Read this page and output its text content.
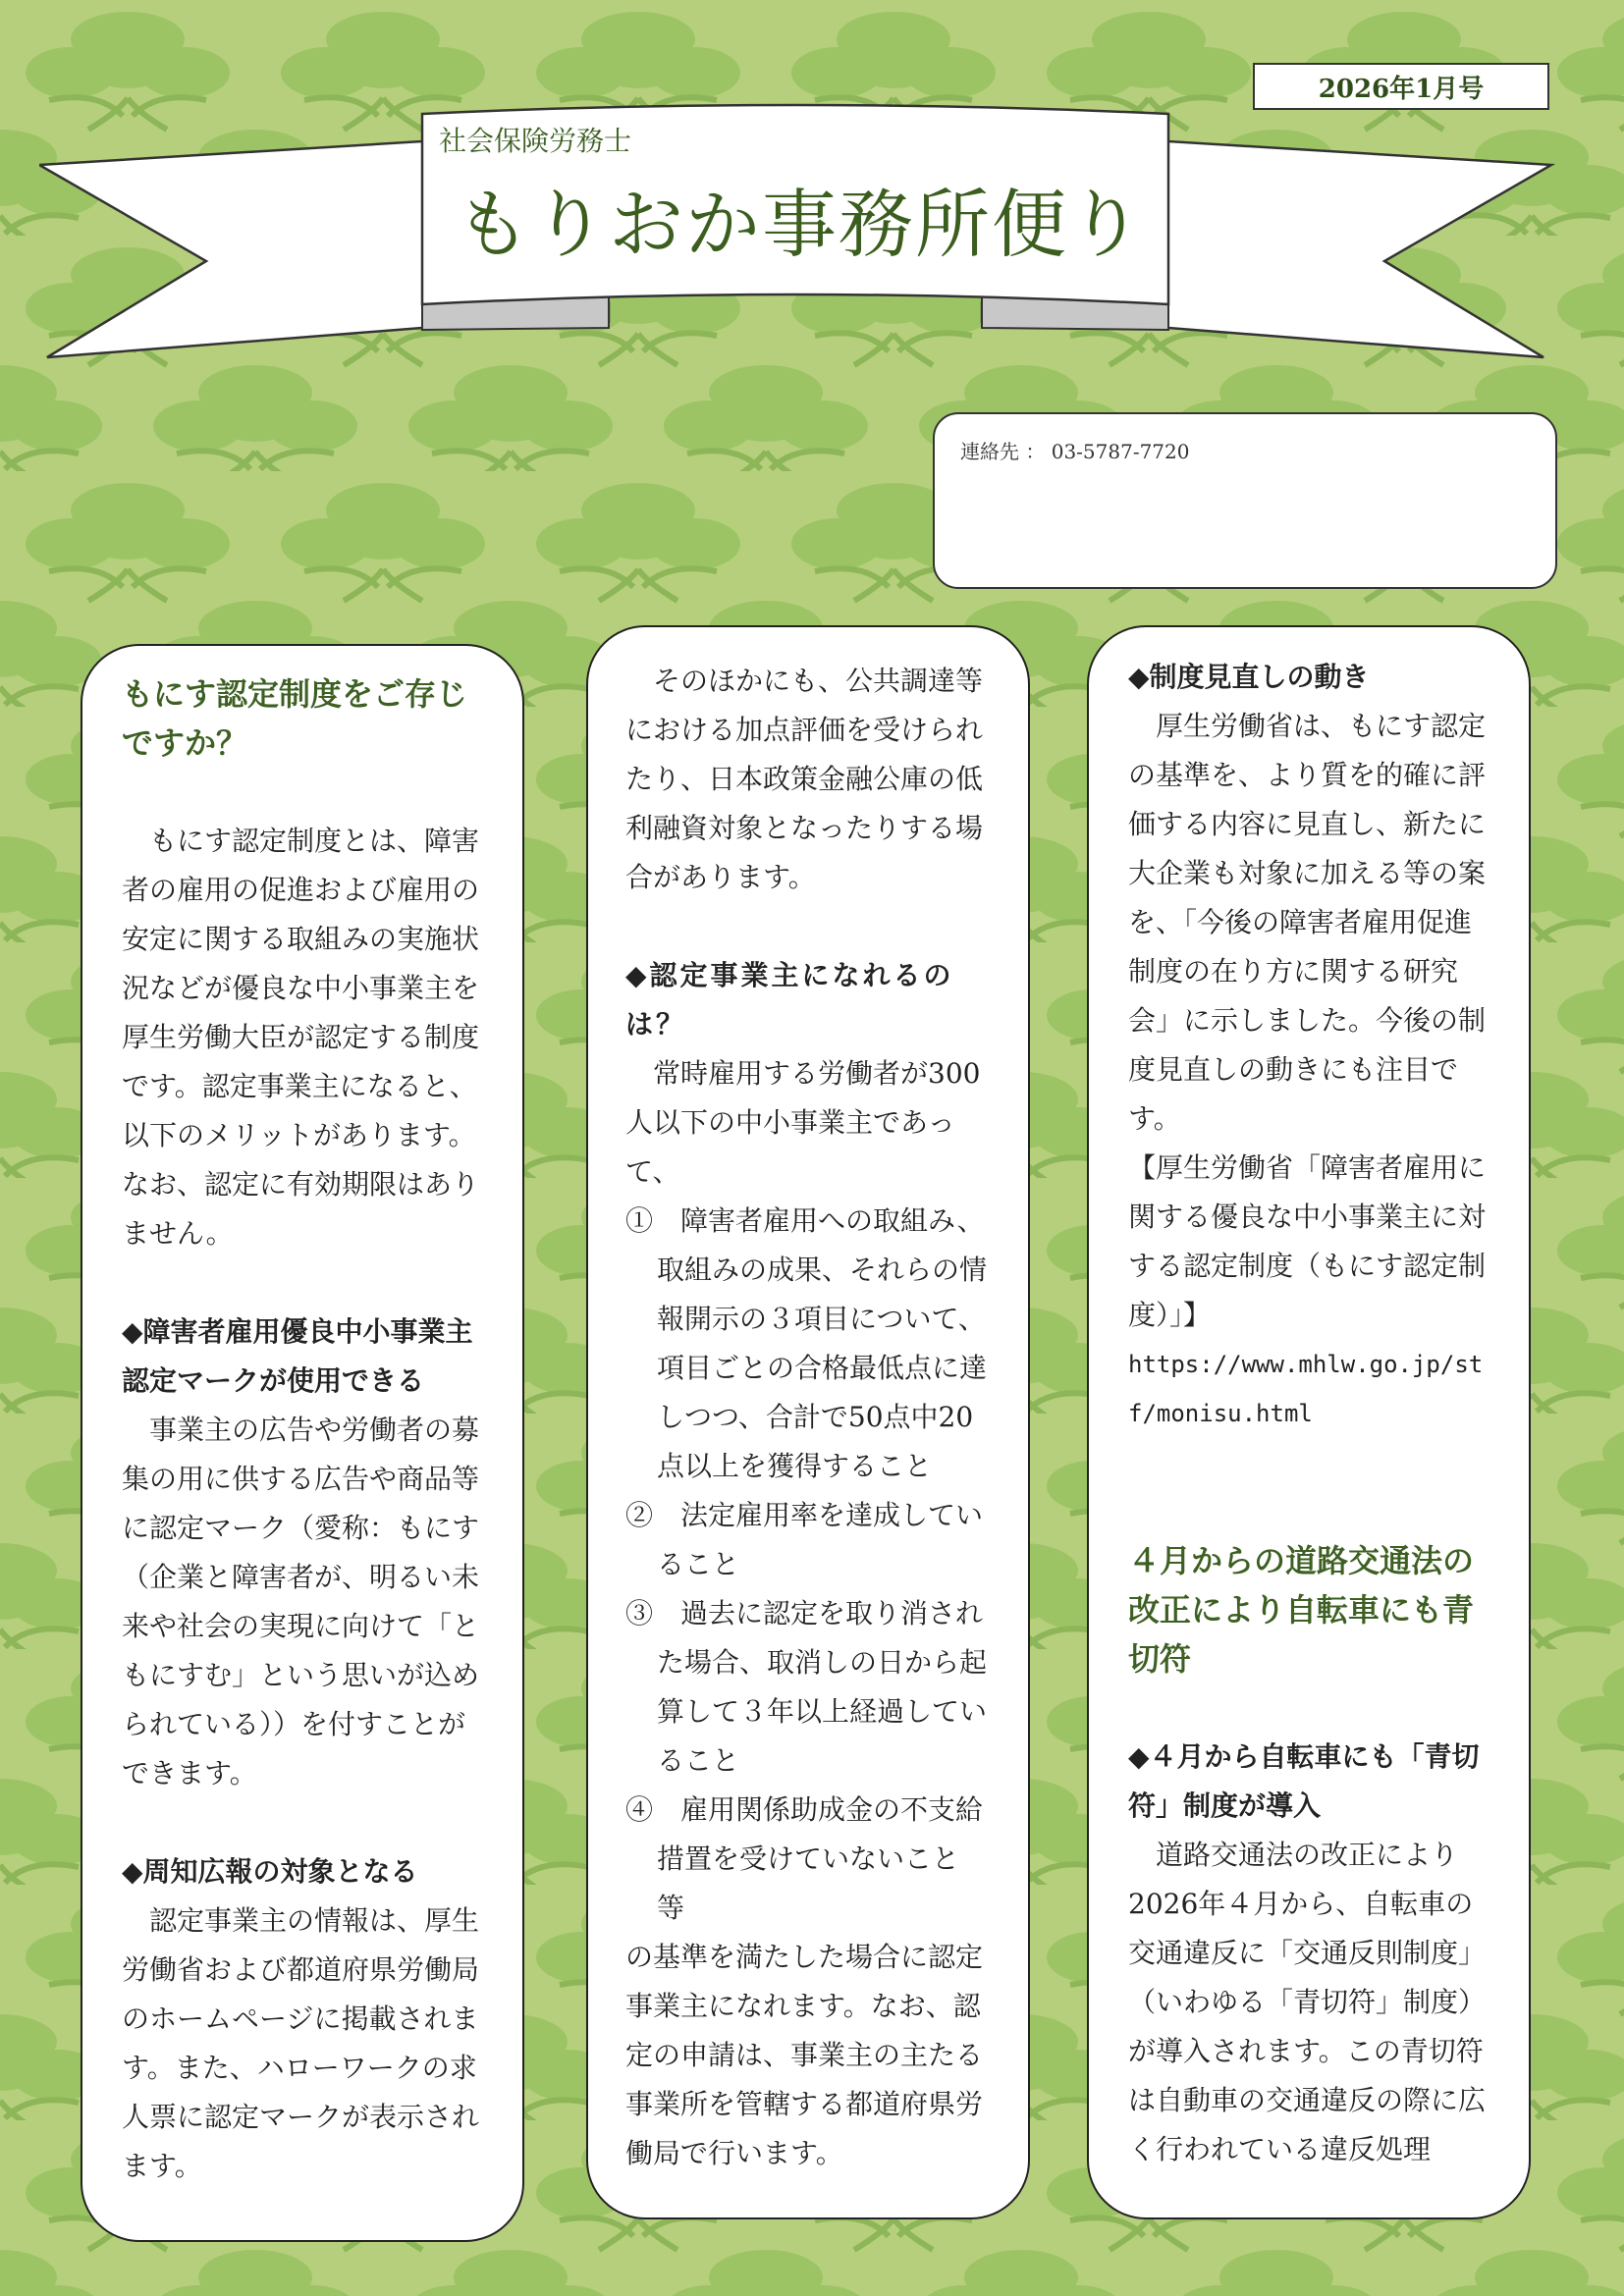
2026年1月号
社会保険労務士
もりおか事務所便り
連絡先 ： 03-5787-7720
もにす認定制度をご存じですか？

もにす認定制度とは、障害者の雇用の促進および雇用の安定に関する取組みの実施状況などが優良な中小事業主を厚生労働大臣が認定する制度です。認定事業主になると、以下のメリットがあります。なお、認定に有効期限はありません。

◆障害者雇用優良中小事業主認定マークが使用できる

事業主の広告や労働者の募集の用に供する広告や商品等に認定マーク（愛称：もにす（企業と障害者が、明るい未来や社会の実現に向けて「ともにすむ」という思いが込められている））を付すことができます。

◆周知広報の対象となる

認定事業主の情報は、厚生労働省および都道府県労働局のホームページに掲載されます。また、ハローワークの求人票に認定マークが表示されます。

そのほかにも、公共調達等における加点評価を受けられたり、日本政策金融公庫の低利融資対象となったりする場合があります。

◆認定事業主になれるのは？

常時雇用する労働者が300人以下の中小事業主であって、

①　障害者雇用への取組み、取組みの成果、それらの情報開示の３項目について、項目ごとの合格最低点に達しつつ、合計で50点中20点以上を獲得すること
②　法定雇用率を達成していること
③　過去に認定を取り消された場合、取消しの日から起算して３年以上経過していること
④　雇用関係助成金の不支給措置を受けていないこと　等

の基準を満たした場合に認定事業主になれます。なお、認定の申請は、事業主の主たる事業所を管轄する都道府県労働局で行います。

◆制度見直しの動き

厚生労働省は、もにす認定の基準を、より質を的確に評価する内容に見直し、新たに大企業も対象に加える等の案を、「今後の障害者雇用促進制度の在り方に関する研究会」に示しました。今後の制度見直しの動きにも注目です。

【厚生労働省「障害者雇用に関する優良な中小事業主に対する認定制度（もにす認定制度）」】

https://www.mhlw.go.jp/stf/monisu.html

４月からの道路交通法の改正により自転車にも青切符

◆４月から自転車にも「青切符」制度が導入

道路交通法の改正により2026年４月から、自転車の交通違反に「交通反則制度」（いわゆる「青切符」制度）が導入されます。この青切符は自動車の交通違反の際に広く行われている違反処理
